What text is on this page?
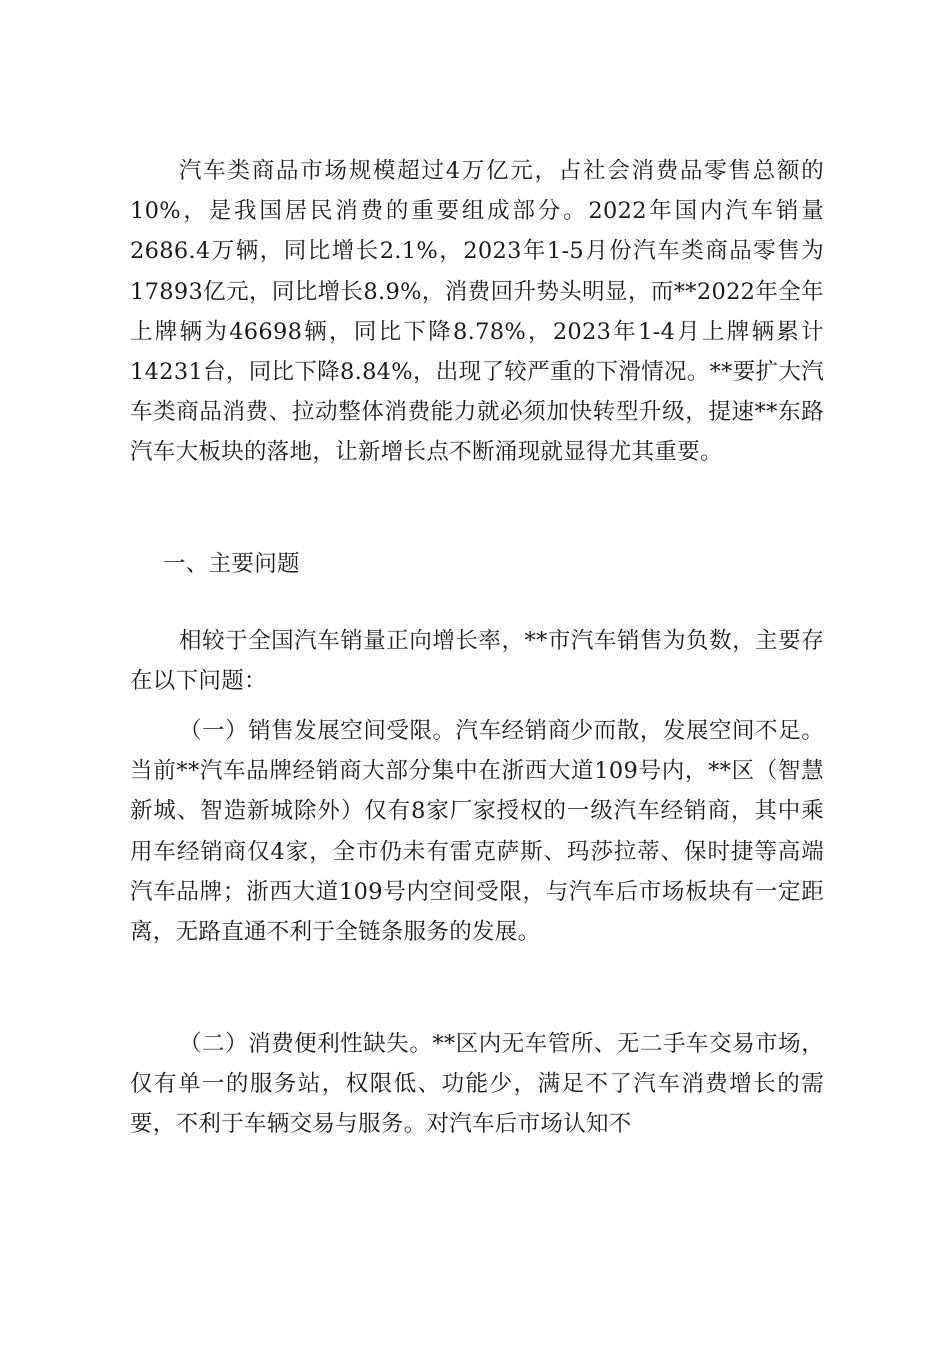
汽车类商品市场规模超过4万亿元，占社会消费品零售总额的10%，是我国居民消费的重要组成部分。2022年国内汽车销量2686.4万辆，同比增长2.1%，2023年1-5月份汽车类商品零售为17893亿元，同比增长8.9%，消费回升势头明显，而**2022年全年上牌辆为46698辆，同比下降8.78%，2023年1-4月上牌辆累计14231台，同比下降8.84%，出现了较严重的下滑情况。**要扩大汽车类商品消费、拉动整体消费能力就必须加快转型升级，提速**东路汽车大板块的落地，让新增长点不断涌现就显得尤其重要。

一、主要问题

相较于全国汽车销量正向增长率，**市汽车销售为负数，主要存在以下问题：

（一）销售发展空间受限。汽车经销商少而散，发展空间不足。当前**汽车品牌经销商大部分集中在浙西大道109号内，**区（智慧新城、智造新城除外）仅有8家厂家授权的一级汽车经销商，其中乘用车经销商仅4家，全市仍未有雷克萨斯、玛莎拉蒂、保时捷等高端汽车品牌；浙西大道109号内空间受限，与汽车后市场板块有一定距离，无路直通不利于全链条服务的发展。

（二）消费便利性缺失。**区内无车管所、无二手车交易市场，仅有单一的服务站，权限低、功能少，满足不了汽车消费增长的需要，不利于车辆交易与服务。对汽车后市场认知不
